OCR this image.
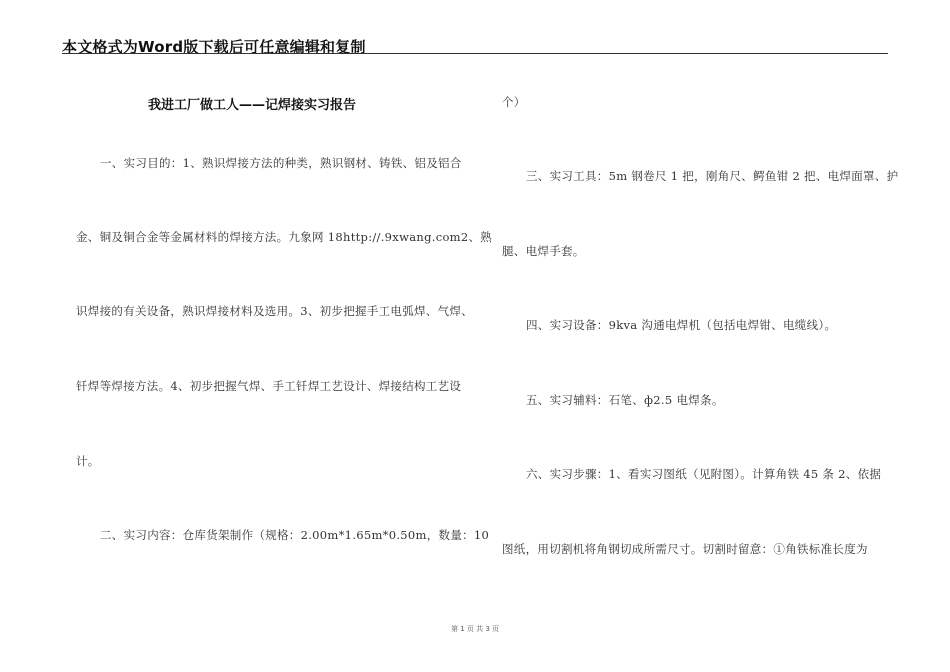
本文格式为Word版下载后可任意编辑和复制
我进工厂做工人——记焊接实习报告
一、实习目的：1、熟识焊接方法的种类，熟识钢材、铸铁、铝及铝合
金、铜及铜合金等金属材料的焊接方法。九象网 18http://.9xwang.com2、熟
识焊接的有关设备，熟识焊接材料及选用。3、初步把握手工电弧焊、气焊、
钎焊等焊接方法。4、初步把握气焊、手工钎焊工艺设计、焊接结构工艺设
计。
二、实习内容：仓库货架制作（规格：2.00m*1.65m*0.50m，数量：10
个）
三、实习工具：5m 钢卷尺 1 把，刚角尺、鳄鱼钳 2 把、电焊面罩、护
腿、电焊手套。
四、实习设备：9kva 沟通电焊机（包括电焊钳、电缆线）。
五、实习辅料：石笔、ф2.5 电焊条。
六、实习步骤：1、看实习图纸（见附图）。计算角铁 45 条 2、依据
图纸，用切割机将角钢切成所需尺寸。切割时留意：①角铁标准长度为
第 1 页 共 3 页
